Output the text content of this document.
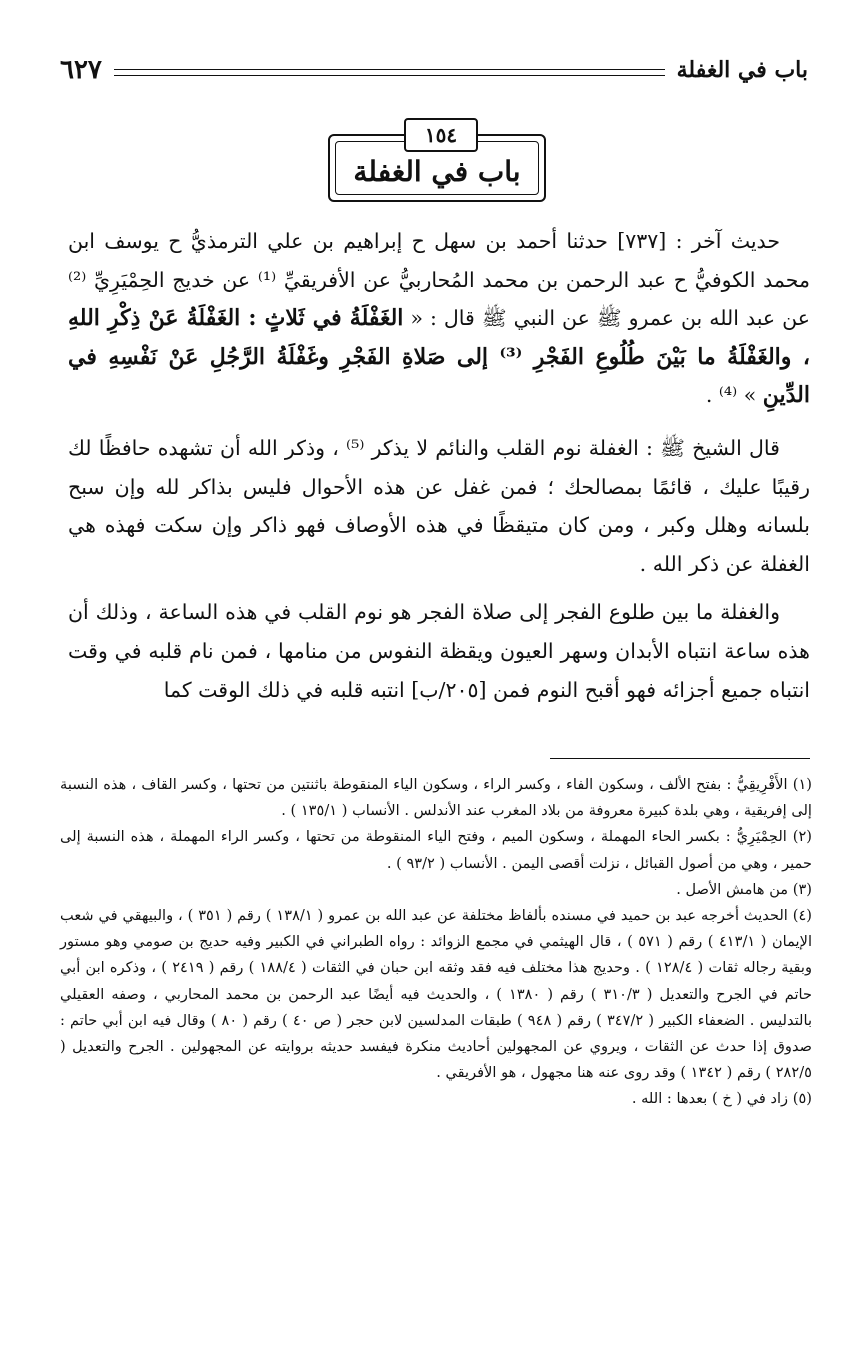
باب في الغفلة
٦٢٧
١٥٤
باب في الغفلة

حديث آخر : [٧٣٧] حدثنا أحمد بن سهل ح إبراهيم بن علي الترمذيُّ ح يوسف ابن محمد الكوفيُّ ح عبد الرحمن بن محمد المُحاربيُّ عن الأفريقيِّ ⁽¹⁾ عن خديج الحِمْيَرِيِّ ⁽²⁾ عن عبد الله بن عمرو ﷺ عن النبي ﷺ قال : « الغَفْلَةُ في ثَلاثٍ : الغَفْلَةُ عَنْ ذِكْرِ اللهِ ، والغَفْلَةُ ما بَيْنَ طُلُوعِ الفَجْرِ ⁽³⁾ إلى صَلاةِ الفَجْرِ وغَفْلَةُ الرَّجُلِ عَنْ نَفْسِهِ في الدِّينِ » ⁽⁴⁾ .

قال الشيخ ﷺ : الغفلة نوم القلب والنائم لا يذكر ⁽⁵⁾ ، وذكر الله أن تشهده حافظًا لك رقيبًا عليك ، قائمًا بمصالحك ؛ فمن غفل عن هذه الأحوال فليس بذاكر لله وإن سبح بلسانه وهلل وكبر ، ومن كان متيقظًا في هذه الأوصاف فهو ذاكر وإن سكت فهذه هي الغفلة عن ذكر الله .

والغفلة ما بين طلوع الفجر إلى صلاة الفجر هو نوم القلب في هذه الساعة ، وذلك أن هذه ساعة انتباه الأبدان وسهر العيون ويقظة النفوس من منامها ، فمن نام قلبه في وقت انتباه جميع أجزائه فهو أقبح النوم فمن [٢٠٥/ب] انتبه قلبه في ذلك الوقت كما

(١) الأَفْرِيقِيُّ : بفتح الألف ، وسكون الفاء ، وكسر الراء ، وسكون الياء المنقوطة باثنتين من تحتها ، وكسر القاف ، هذه النسبة إلى إفريقية ، وهي بلدة كبيرة معروفة من بلاد المغرب عند الأندلس . الأنساب ( ١٣٥/١ ) .

(٢) الحِمْيَرِيُّ : بكسر الحاء المهملة ، وسكون الميم ، وفتح الياء المنقوطة من تحتها ، وكسر الراء المهملة ، هذه النسبة إلى حمير ، وهي من أصول القبائل ، نزلت أقصى اليمن . الأنساب ( ٩٣/٢ ) .

(٣) من هامش الأصل .

(٤) الحديث أخرجه عبد بن حميد في مسنده بألفاظ مختلفة عن عبد الله بن عمرو ( ١٣٨/١ ) رقم ( ٣٥١ ) ، والبيهقي في شعب الإيمان ( ٤١٣/١ ) رقم ( ٥٧١ ) ، قال الهيثمي في مجمع الزوائد : رواه الطبراني في الكبير وفيه حديج بن صومي وهو مستور وبقية رجاله ثقات ( ١٢٨/٤ ) . وحديج هذا مختلف فيه فقد وثقه ابن حبان في الثقات ( ١٨٨/٤ ) رقم ( ٢٤١٩ ) ، وذكره ابن أبي حاتم في الجرح والتعديل ( ٣١٠/٣ ) رقم ( ١٣٨٠ ) ، والحديث فيه أيضًا عبد الرحمن بن محمد المحاربي ، وصفه العقيلي بالتدليس . الضعفاء الكبير ( ٣٤٧/٢ ) رقم ( ٩٤٨ ) طبقات المدلسين لابن حجر ( ص ٤٠ ) رقم ( ٨٠ ) وقال فيه ابن أبي حاتم : صدوق إذا حدث عن الثقات ، ويروي عن المجهولين أحاديث منكرة فيفسد حديثه بروايته عن المجهولين . الجرح والتعديل ( ٢٨٢/٥ ) رقم ( ١٣٤٢ ) وقد روى عنه هنا مجهول ، هو الأفريقي .

(٥) زاد في ( خ ) بعدها : الله .
